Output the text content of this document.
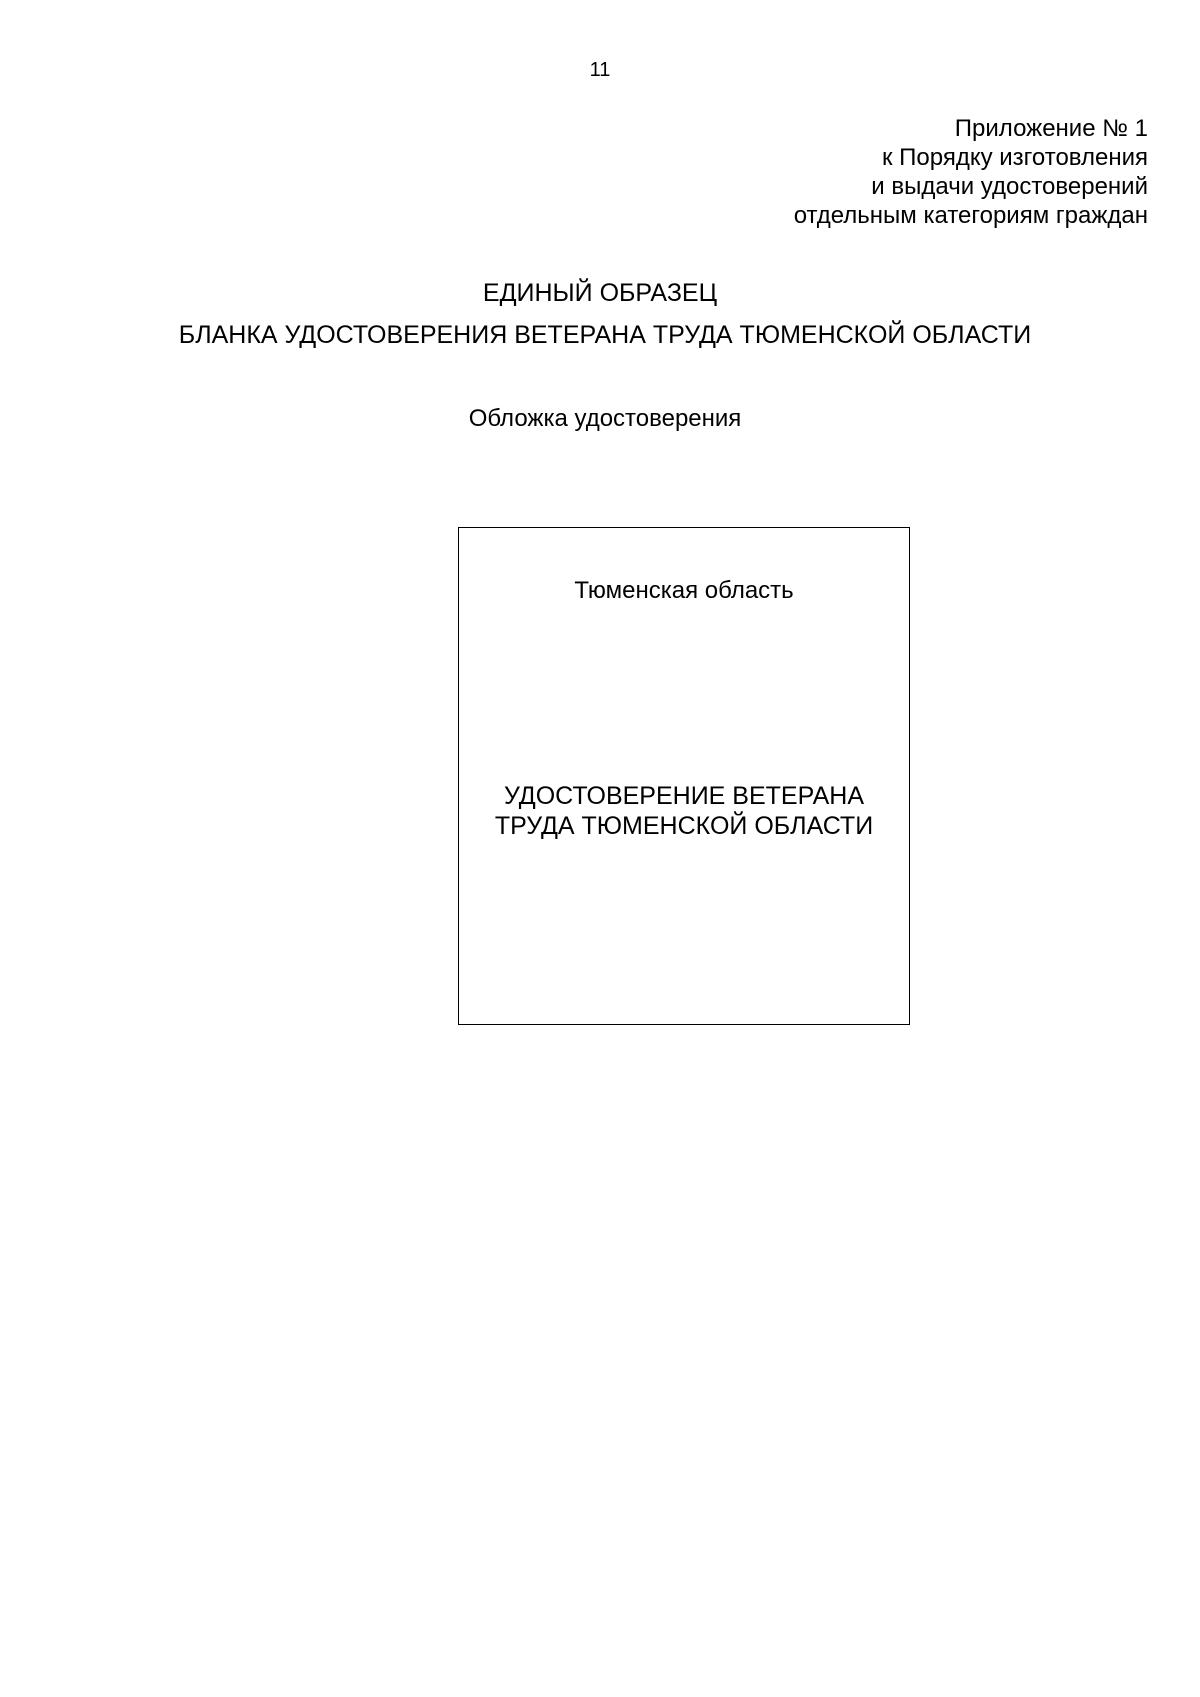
11
Приложение № 1
к Порядку изготовления
и выдачи удостоверений
отдельным категориям граждан
ЕДИНЫЙ ОБРАЗЕЦ
БЛАНКА УДОСТОВЕРЕНИЯ ВЕТЕРАНА ТРУДА ТЮМЕНСКОЙ ОБЛАСТИ
Обложка удостоверения
Тюменская область
УДОСТОВЕРЕНИЕ ВЕТЕРАНА
ТРУДА ТЮМЕНСКОЙ ОБЛАСТИ
